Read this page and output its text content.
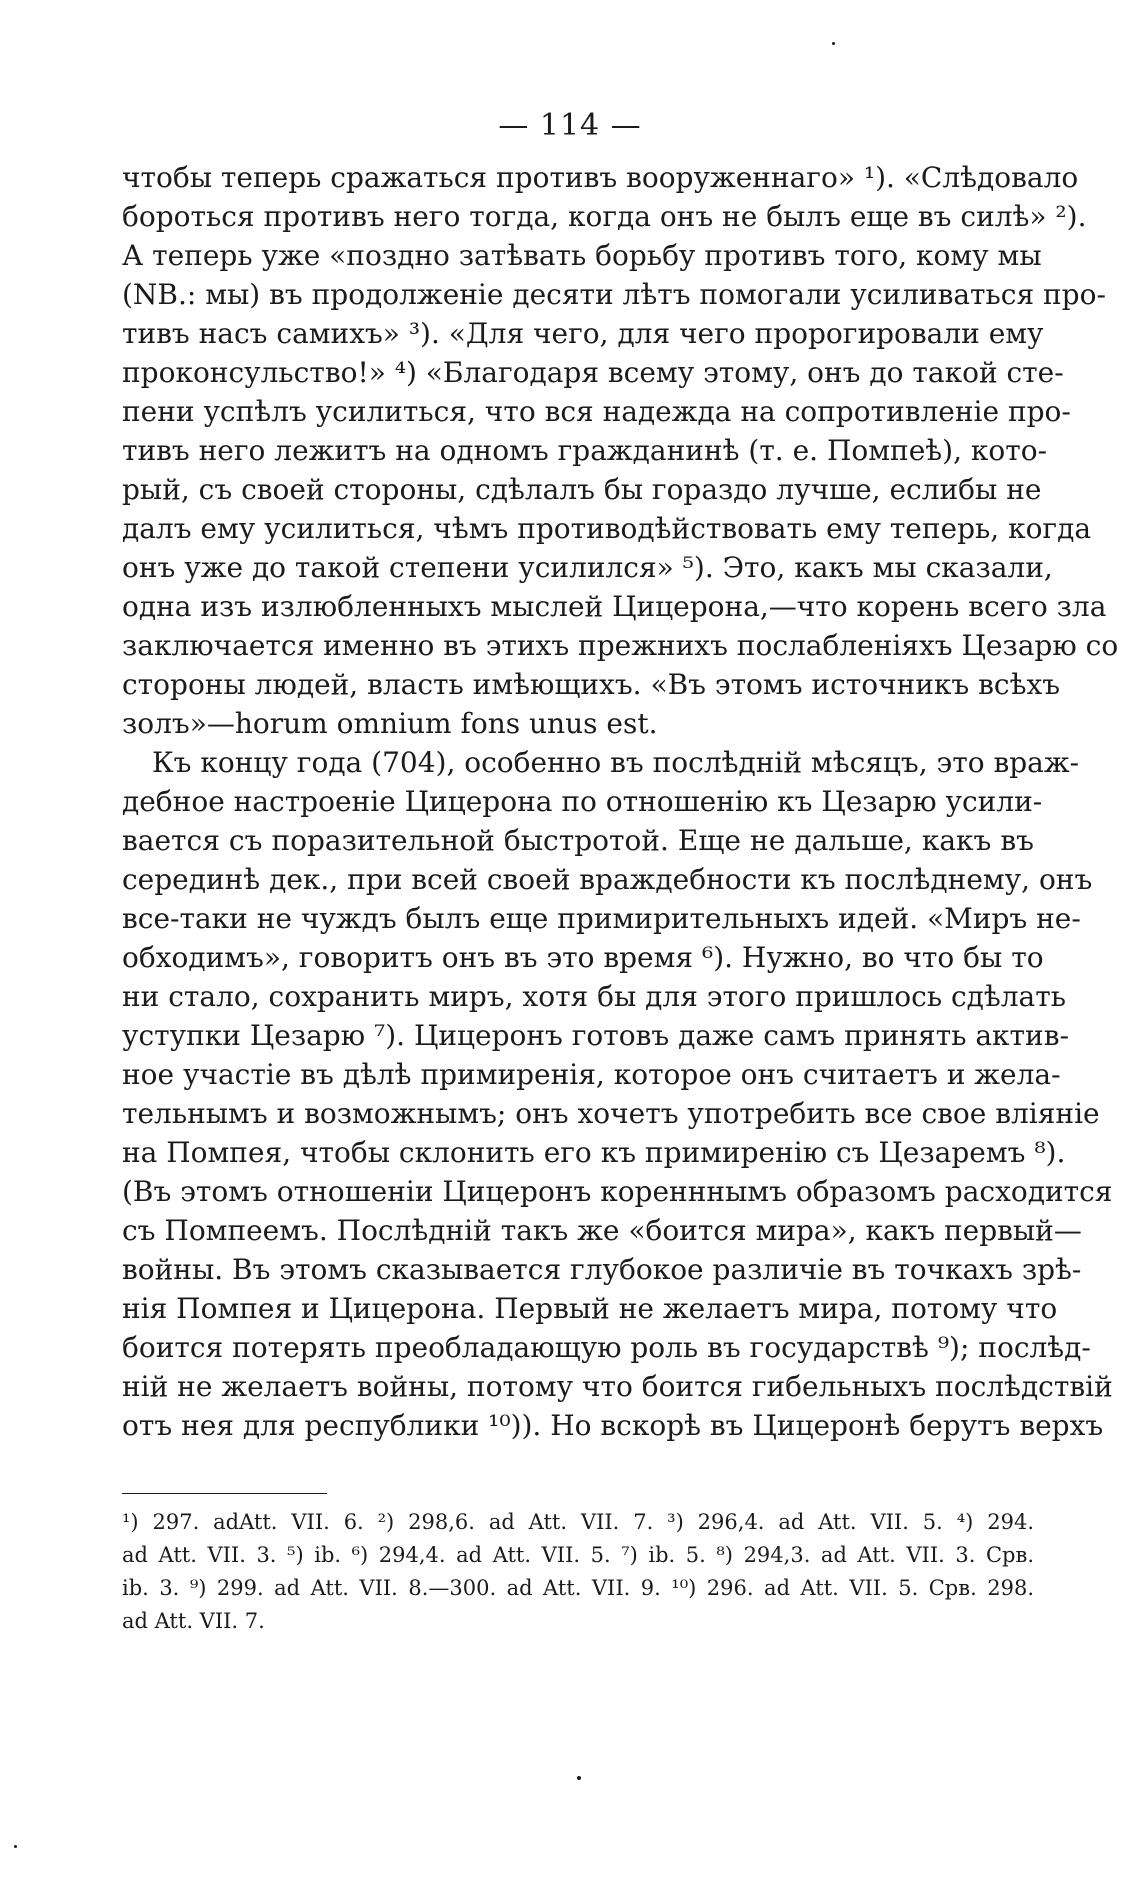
— 114 —
чтобы теперь сражаться противъ вооруженнаго» ¹). «Слѣдовало
бороться противъ него тогда, когда онъ не былъ еще въ силѣ» ²).
А теперь уже «поздно затѣвать борьбу противъ того, кому мы
(NB.: мы) въ продолженіе десяти лѣтъ помогали усиливаться про-
тивъ насъ самихъ» ³). «Для чего, для чего пророгировали ему
проконсульство!» ⁴) «Благодаря всему этому, онъ до такой сте-
пени успѣлъ усилиться, что вся надежда на сопротивленіе про-
тивъ него лежитъ на одномъ гражданинѣ (т. е. Помпеѣ), кото-
рый, съ своей стороны, сдѣлалъ бы гораздо лучше, еслибы не
далъ ему усилиться, чѣмъ противодѣйствовать ему теперь, когда
онъ уже до такой степени усилился» ⁵). Это, какъ мы сказали,
одна изъ излюбленныхъ мыслей Цицерона,—что корень всего зла
заключается именно въ этихъ прежнихъ послабленіяхъ Цезарю со
стороны людей, власть имѣющихъ. «Въ этомъ источникъ всѣхъ
золъ»—horum omnium fons unus est.
Къ концу года (704), особенно въ послѣдній мѣсяцъ, это враж-
дебное настроеніе Цицерона по отношенію къ Цезарю усили-
вается съ поразительной быстротой. Еще не дальше, какъ въ
серединѣ дек., при всей своей враждебности къ послѣднему, онъ
все-таки не чуждъ былъ еще примирительныхъ идей. «Миръ не-
обходимъ», говоритъ онъ въ это время ⁶). Нужно, во что бы то
ни стало, сохранить миръ, хотя бы для этого пришлось сдѣлать
уступки Цезарю ⁷). Цицеронъ готовъ даже самъ принять актив-
ное участіе въ дѣлѣ примиренія, которое онъ считаетъ и жела-
тельнымъ и возможнымъ; онъ хочетъ употребить все свое вліяніе
на Помпея, чтобы склонить его къ примиренію съ Цезаремъ ⁸).
(Въ этомъ отношеніи Цицеронъ коренннымъ образомъ расходится
съ Помпеемъ. Послѣдній такъ же «боится мира», какъ первый—
войны. Въ этомъ сказывается глубокое различіе въ точкахъ зрѣ-
нія Помпея и Цицерона. Первый не желаетъ мира, потому что
боится потерять преобладающую роль въ государствѣ ⁹); послѣд-
ній не желаетъ войны, потому что боится гибельныхъ послѣдствій
отъ нея для республики ¹⁰)). Но вскорѣ въ Цицеронѣ берутъ верхъ
¹) 297. adAtt. VII. 6. ²) 298,6. ad Att. VII. 7. ³) 296,4. ad Att. VII. 5. ⁴) 294.
ad Att. VII. 3. ⁵) ib. ⁶) 294,4. ad Att. VII. 5. ⁷) ib. 5. ⁸) 294,3. ad Att. VII. 3. Срв.
ib. 3. ⁹) 299. ad Att. VII. 8.—300. ad Att. VII. 9. ¹⁰) 296. ad Att. VII. 5. Срв. 298.
ad Att. VII. 7.
